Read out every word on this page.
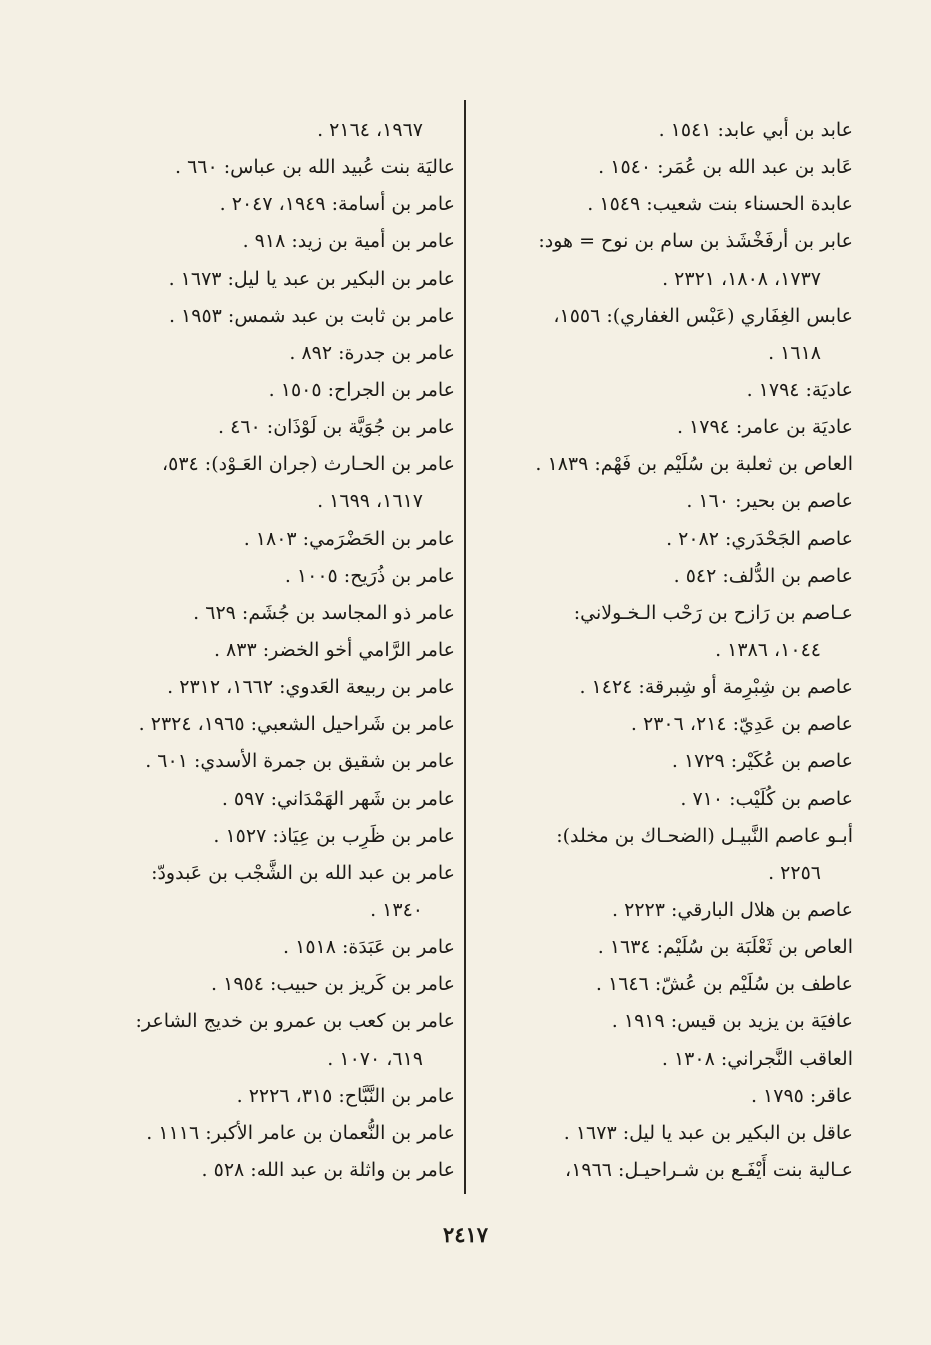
عابد بن أبي عابد: ١٥٤١ .
عَابد بن عبد الله بن عُمَر: ١٥٤٠ .
عابدة الحسناء بنت شعيب: ١٥٤٩ .
عابر بن أرفَخْشَذ بن سام بن نوح = هود:
١٧٣٧، ١٨٠٨، ٢٣٢١ .
عابس الغِفَاري (عَبْس الغفاري): ١٥٥٦،
١٦١٨ .
عاديَة: ١٧٩٤ .
عاديَة بن عامر: ١٧٩٤ .
العاص بن ثعلبة بن سُلَيْم بن فَهْم: ١٨٣٩ .
عاصم بن بحير: ١٦٠ .
عاصم الجَحْدَري: ٢٠٨٢ .
عاصم بن الدُّلف: ٥٤٢ .
عـاصم بن رَازح بن رَحْب الـخـولاني:
١٠٤٤، ١٣٨٦ .
عاصم بن شِبْرِمة أو شِبرقة: ١٤٢٤ .
عاصم بن عَدِيّ: ٢١٤، ٢٣٠٦ .
عاصم بن عُكَيْر: ١٧٢٩ .
عاصم بن كُلَيْب: ٧١٠ .
أبـو عاصم النَّبيـل (الضحـاك بن مخلد):
٢٢٥٦ .
عاصم بن هلال البارقي: ٢٢٢٣ .
العاص بن ثَعْلَبَة بن سُلَيْم: ١٦٣٤ .
عاطف بن سُلَيْم بن عُشّ: ١٦٤٦ .
عافيَة بن يزيد بن قيس: ١٩١٩ .
العاقب النَّجراني: ١٣٠٨ .
عاقر: ١٧٩٥ .
عاقل بن البكير بن عبد يا ليل: ١٦٧٣ .
عـالية بنت أَيْفَـع بن شـراحيـل: ١٩٦٦،
١٩٦٧، ٢١٦٤ .
عاليَة بنت عُبيد الله بن عباس: ٦٦٠ .
عامر بن أسامة: ١٩٤٩، ٢٠٤٧ .
عامر بن أمية بن زيد: ٩١٨ .
عامر بن البكير بن عبد يا ليل: ١٦٧٣ .
عامر بن ثابت بن عبد شمس: ١٩٥٣ .
عامر بن جدرة: ٨٩٢ .
عامر بن الجراح: ١٥٠٥ .
عامر بن جُوَيَّة بن لَوْذَان: ٤٦٠ .
عامر بن الحـارث (جران العَـوْد): ٥٣٤،
١٦١٧، ١٦٩٩ .
عامر بن الحَضْرَمي: ١٨٠٣ .
عامر بن ذُرَيح: ١٠٠٥ .
عامر ذو المجاسد بن جُشَم: ٦٢٩ .
عامر الرَّامي أخو الخضر: ٨٣٣ .
عامر بن ربيعة العَدوي: ١٦٦٢، ٢٣١٢ .
عامر بن شَراحيل الشعبي: ١٩٦٥، ٢٣٢٤ .
عامر بن شقيق بن جمرة الأسدي: ٦٠١ .
عامر بن شَهر الهَمْدَاني: ٥٩٧ .
عامر بن ظَرِب بن عِيَاذ: ١٥٢٧ .
عامر بن عبد الله بن الشَّجْب بن عَبدودّ:
١٣٤٠ .
عامر بن عَبَدَة: ١٥١٨ .
عامر بن كَريز بن حبيب: ١٩٥٤ .
عامر بن كعب بن عمرو بن خديج الشاعر:
٦١٩، ١٠٧٠ .
عامر بن النَّبَّاح: ٣١٥، ٢٢٢٦ .
عامر بن النُّعمان بن عامر الأكبر: ١١١٦ .
عامر بن واثلة بن عبد الله: ٥٢٨ .
٢٤١٧
